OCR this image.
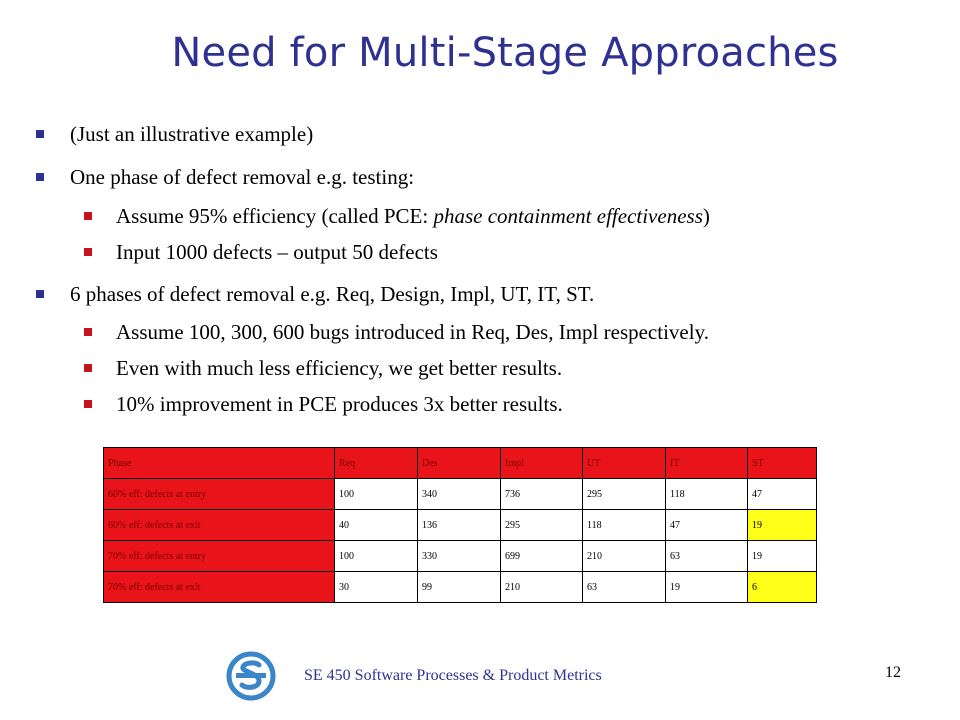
Need for Multi-Stage Approaches
(Just an illustrative example)
One phase of defect removal e.g. testing:
Assume 95% efficiency (called PCE: phase containment effectiveness)
Input 1000 defects – output 50 defects
6 phases of defect removal e.g. Req, Design, Impl, UT, IT, ST.
Assume 100, 300, 600 bugs introduced in Req, Des, Impl respectively.
Even with much less efficiency, we get better results.
10% improvement in PCE produces 3x better results.
Phase	Req	Des	Impl	UT	IT	ST
60% eff: defects at entry	100	340	736	295	118	47
60% eff: defects at exit	40	136	295	118	47	19
70% eff: defects at entry	100	330	699	210	63	19
70% eff: defects at exit	30	99	210	63	19	6
SE 450 Software Processes & Product Metrics	12
